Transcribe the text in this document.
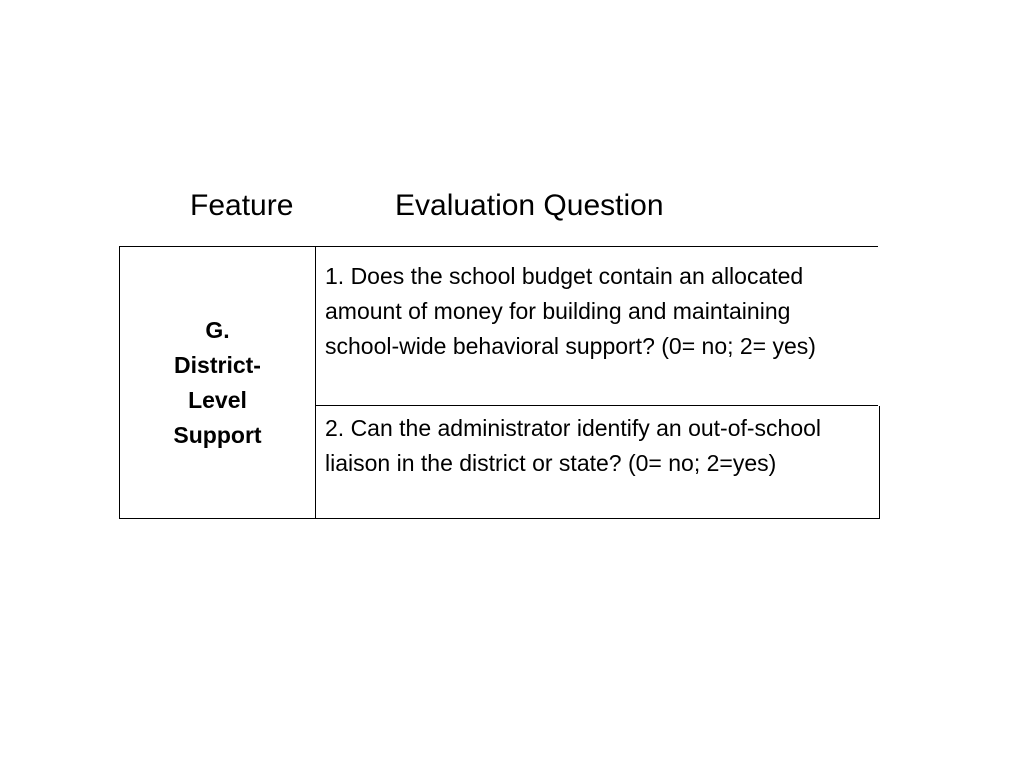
Feature	Evaluation Question
G.
District-
Level
Support
1. Does the school budget contain an allocated amount of money for building and maintaining school-wide behavioral support? (0= no; 2= yes)
2. Can the administrator identify an out-of-school liaison in the district or state? (0= no; 2=yes)
